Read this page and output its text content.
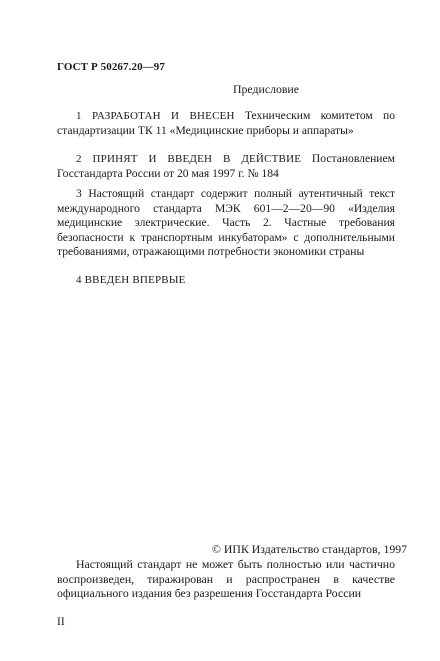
ГОСТ Р 50267.20—97
Предисловие

1 РАЗРАБОТАН И ВНЕСЕН Техническим комитетом по стандартизации ТК 11 «Медицинские приборы и аппараты»

2 ПРИНЯТ И ВВЕДЕН В ДЕЙСТВИЕ Постановлением Госстандарта России от 20 мая 1997 г. № 184

3 Настоящий стандарт содержит полный аутентичный текст международного стандарта МЭК 601—2—20—90 «Изделия медицинские электрические. Часть 2. Частные требования безопасности к транспортным инкубаторам» с дополнительными требованиями, отражающими потребности экономики страны

4 ВВЕДЕН ВПЕРВЫЕ

© ИПК Издательство стандартов, 1997

Настоящий стандарт не может быть полностью или частично воспроизведен, тиражирован и распространен в качестве официального издания без разрешения Госстандарта России

II
